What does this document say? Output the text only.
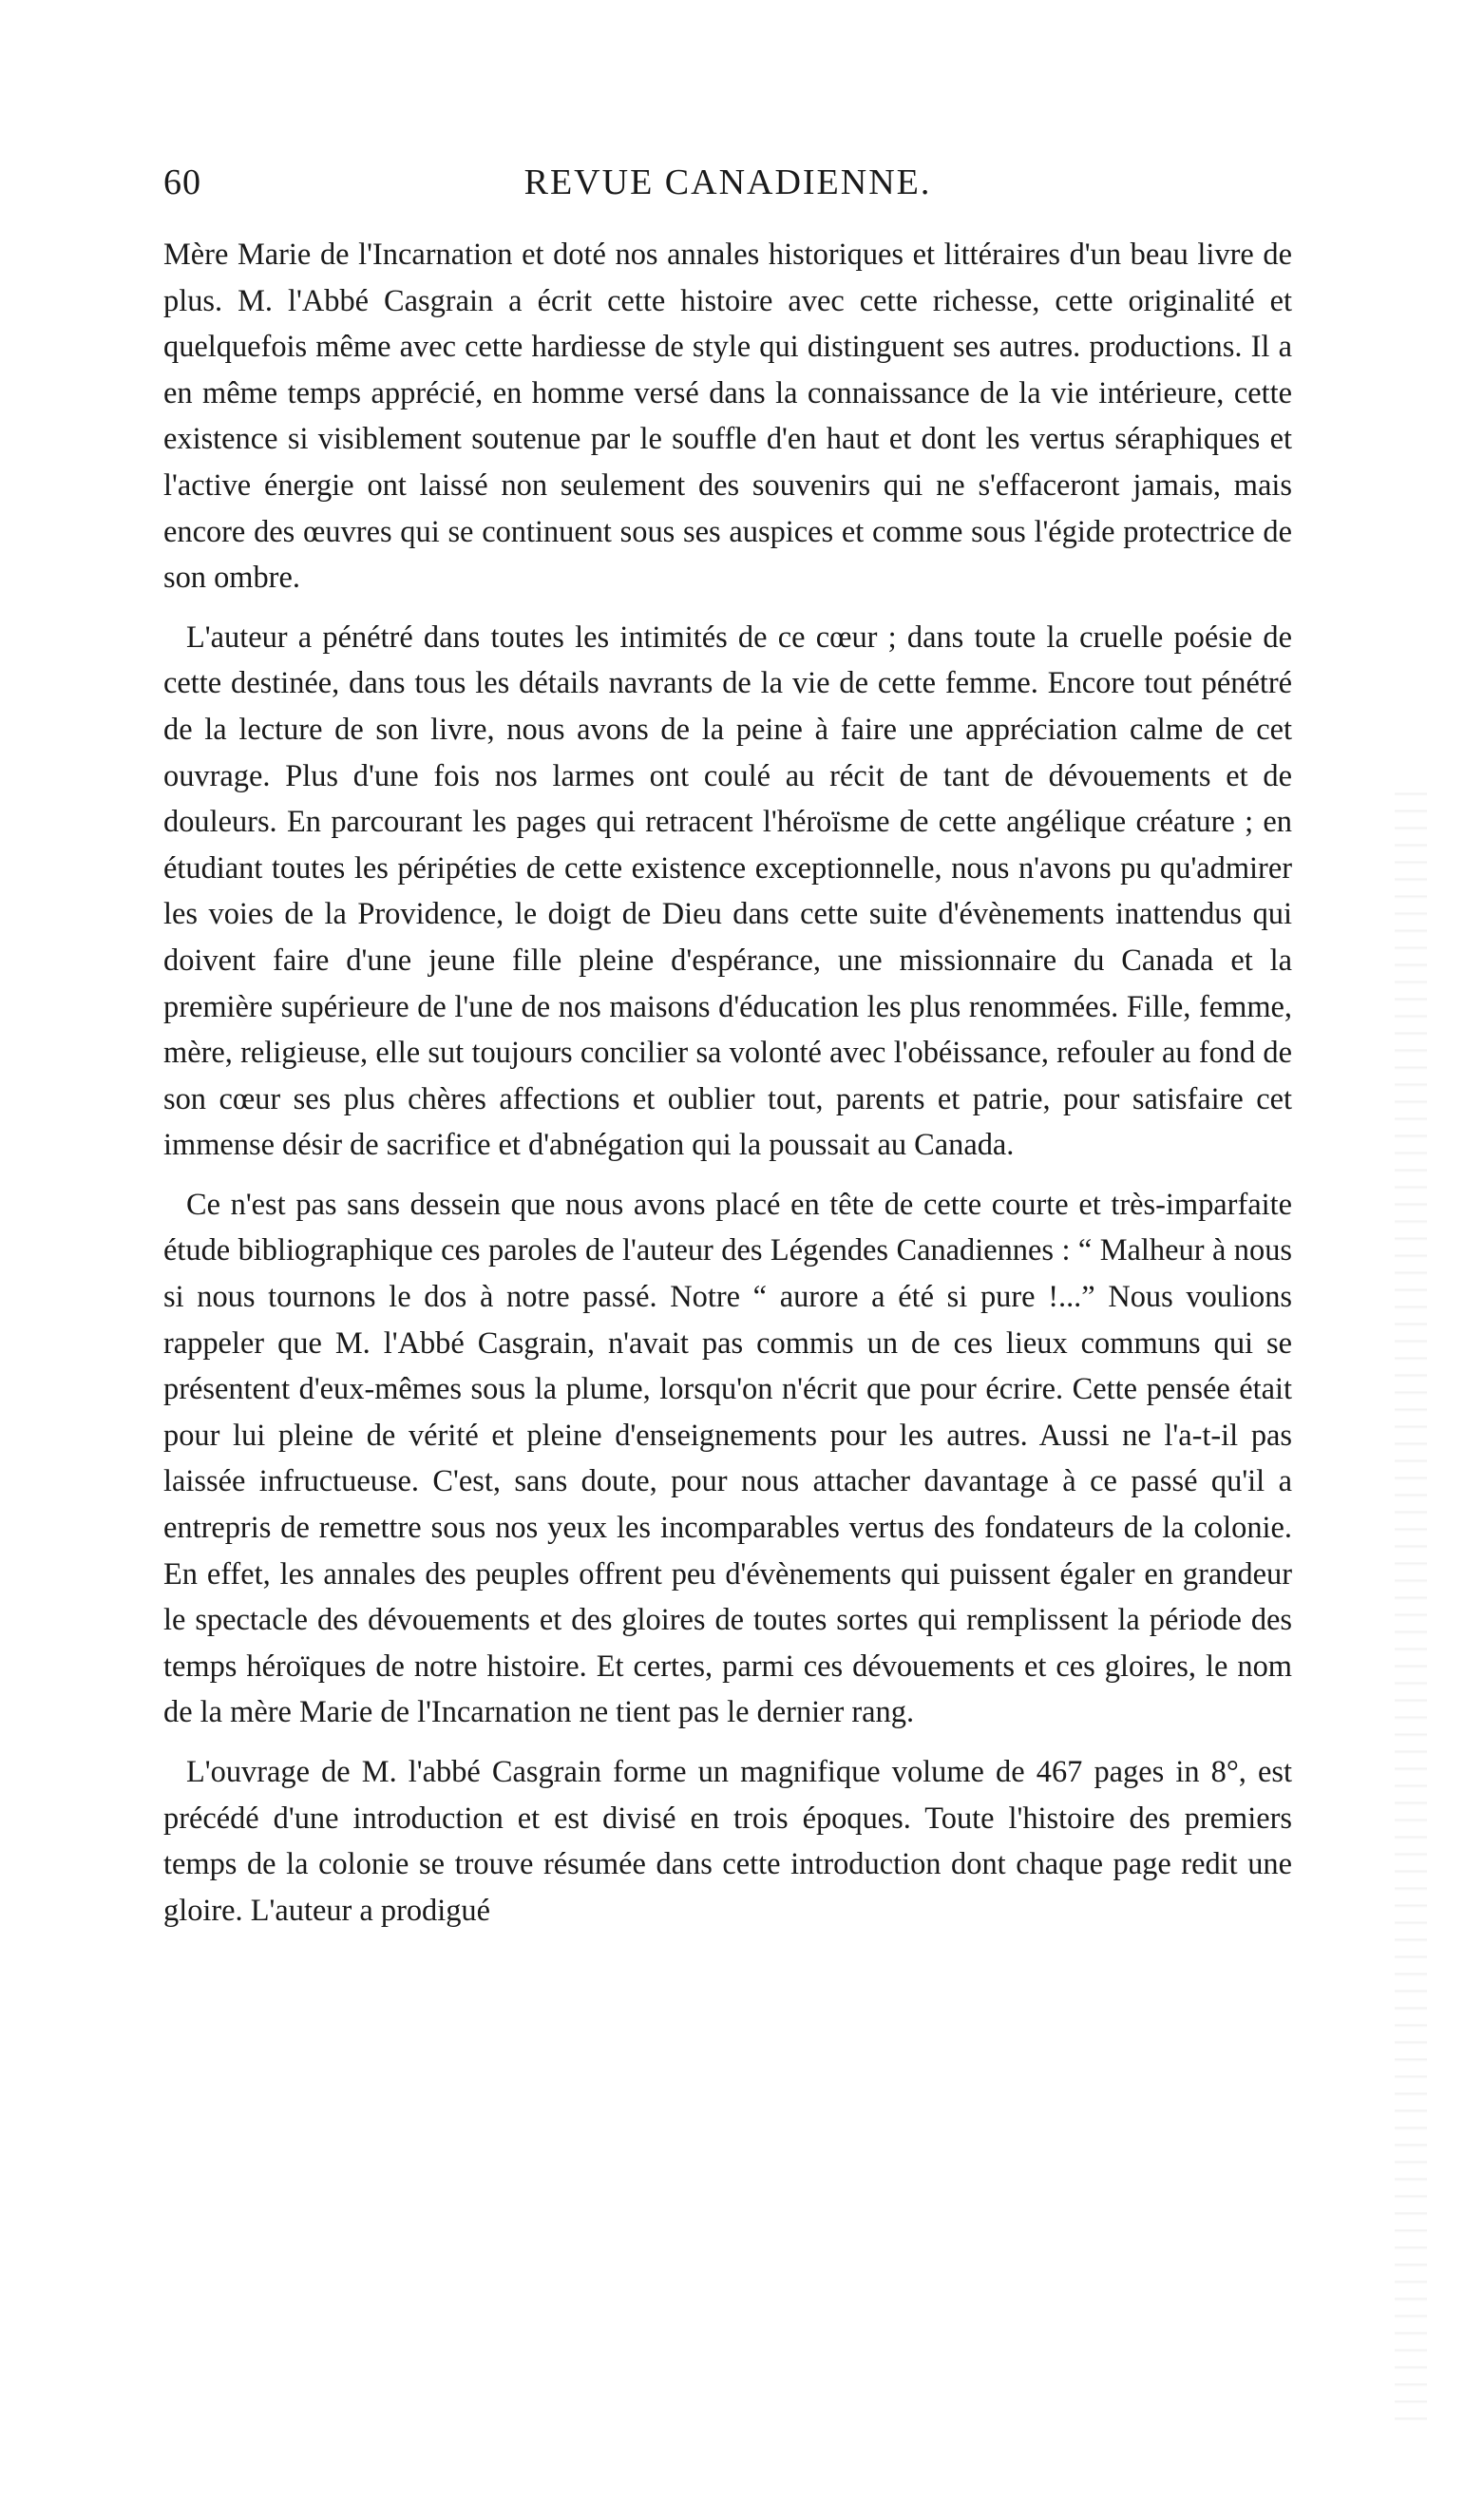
60	REVUE CANADIENNE.

Mère Marie de l'Incarnation et doté nos annales historiques et littéraires d'un beau livre de plus. M. l'Abbé Casgrain a écrit cette histoire avec cette richesse, cette originalité et quelquefois même avec cette hardiesse de style qui distinguent ses autres. productions. Il a en même temps apprécié, en homme versé dans la connaissance de la vie intérieure, cette existence si visiblement soutenue par le souffle d'en haut et dont les vertus séraphiques et l'active énergie ont laissé non seulement des souvenirs qui ne s'effaceront jamais, mais encore des œuvres qui se continuent sous ses auspices et comme sous l'égide protectrice de son ombre.

L'auteur a pénétré dans toutes les intimités de ce cœur ; dans toute la cruelle poésie de cette destinée, dans tous les détails navrants de la vie de cette femme. Encore tout pénétré de la lecture de son livre, nous avons de la peine à faire une appréciation calme de cet ouvrage. Plus d'une fois nos larmes ont coulé au récit de tant de dévouements et de douleurs. En parcourant les pages qui retracent l'héroïsme de cette angélique créature ; en étudiant toutes les péripéties de cette existence exceptionnelle, nous n'avons pu qu'admirer les voies de la Providence, le doigt de Dieu dans cette suite d'évènements inattendus qui doivent faire d'une jeune fille pleine d'espérance, une missionnaire du Canada et la première supérieure de l'une de nos maisons d'éducation les plus renommées. Fille, femme, mère, religieuse, elle sut toujours concilier sa volonté avec l'obéissance, refouler au fond de son cœur ses plus chères affections et oublier tout, parents et patrie, pour satisfaire cet immense désir de sacrifice et d'abnégation qui la poussait au Canada.

Ce n'est pas sans dessein que nous avons placé en tête de cette courte et très-imparfaite étude bibliographique ces paroles de l'auteur des Légendes Canadiennes : “ Malheur à nous si nous tournons le dos à notre passé. Notre “ aurore a été si pure !...” Nous voulions rappeler que M. l'Abbé Casgrain, n'avait pas commis un de ces lieux communs qui se présentent d'eux-mêmes sous la plume, lorsqu'on n'écrit que pour écrire. Cette pensée était pour lui pleine de vérité et pleine d'enseignements pour les autres. Aussi ne l'a-t-il pas laissée infructueuse. C'est, sans doute, pour nous attacher davantage à ce passé qu'il a entrepris de remettre sous nos yeux les incomparables vertus des fondateurs de la colonie. En effet, les annales des peuples offrent peu d'évènements qui puissent égaler en grandeur le spectacle des dévouements et des gloires de toutes sortes qui remplissent la période des temps héroïques de notre histoire. Et certes, parmi ces dévouements et ces gloires, le nom de la mère Marie de l'Incarnation ne tient pas le dernier rang.

L'ouvrage de M. l'abbé Casgrain forme un magnifique volume de 467 pages in 8°, est précédé d'une introduction et est divisé en trois époques. Toute l'histoire des premiers temps de la colonie se trouve résumée dans cette introduction dont chaque page redit une gloire. L'auteur a prodigué
